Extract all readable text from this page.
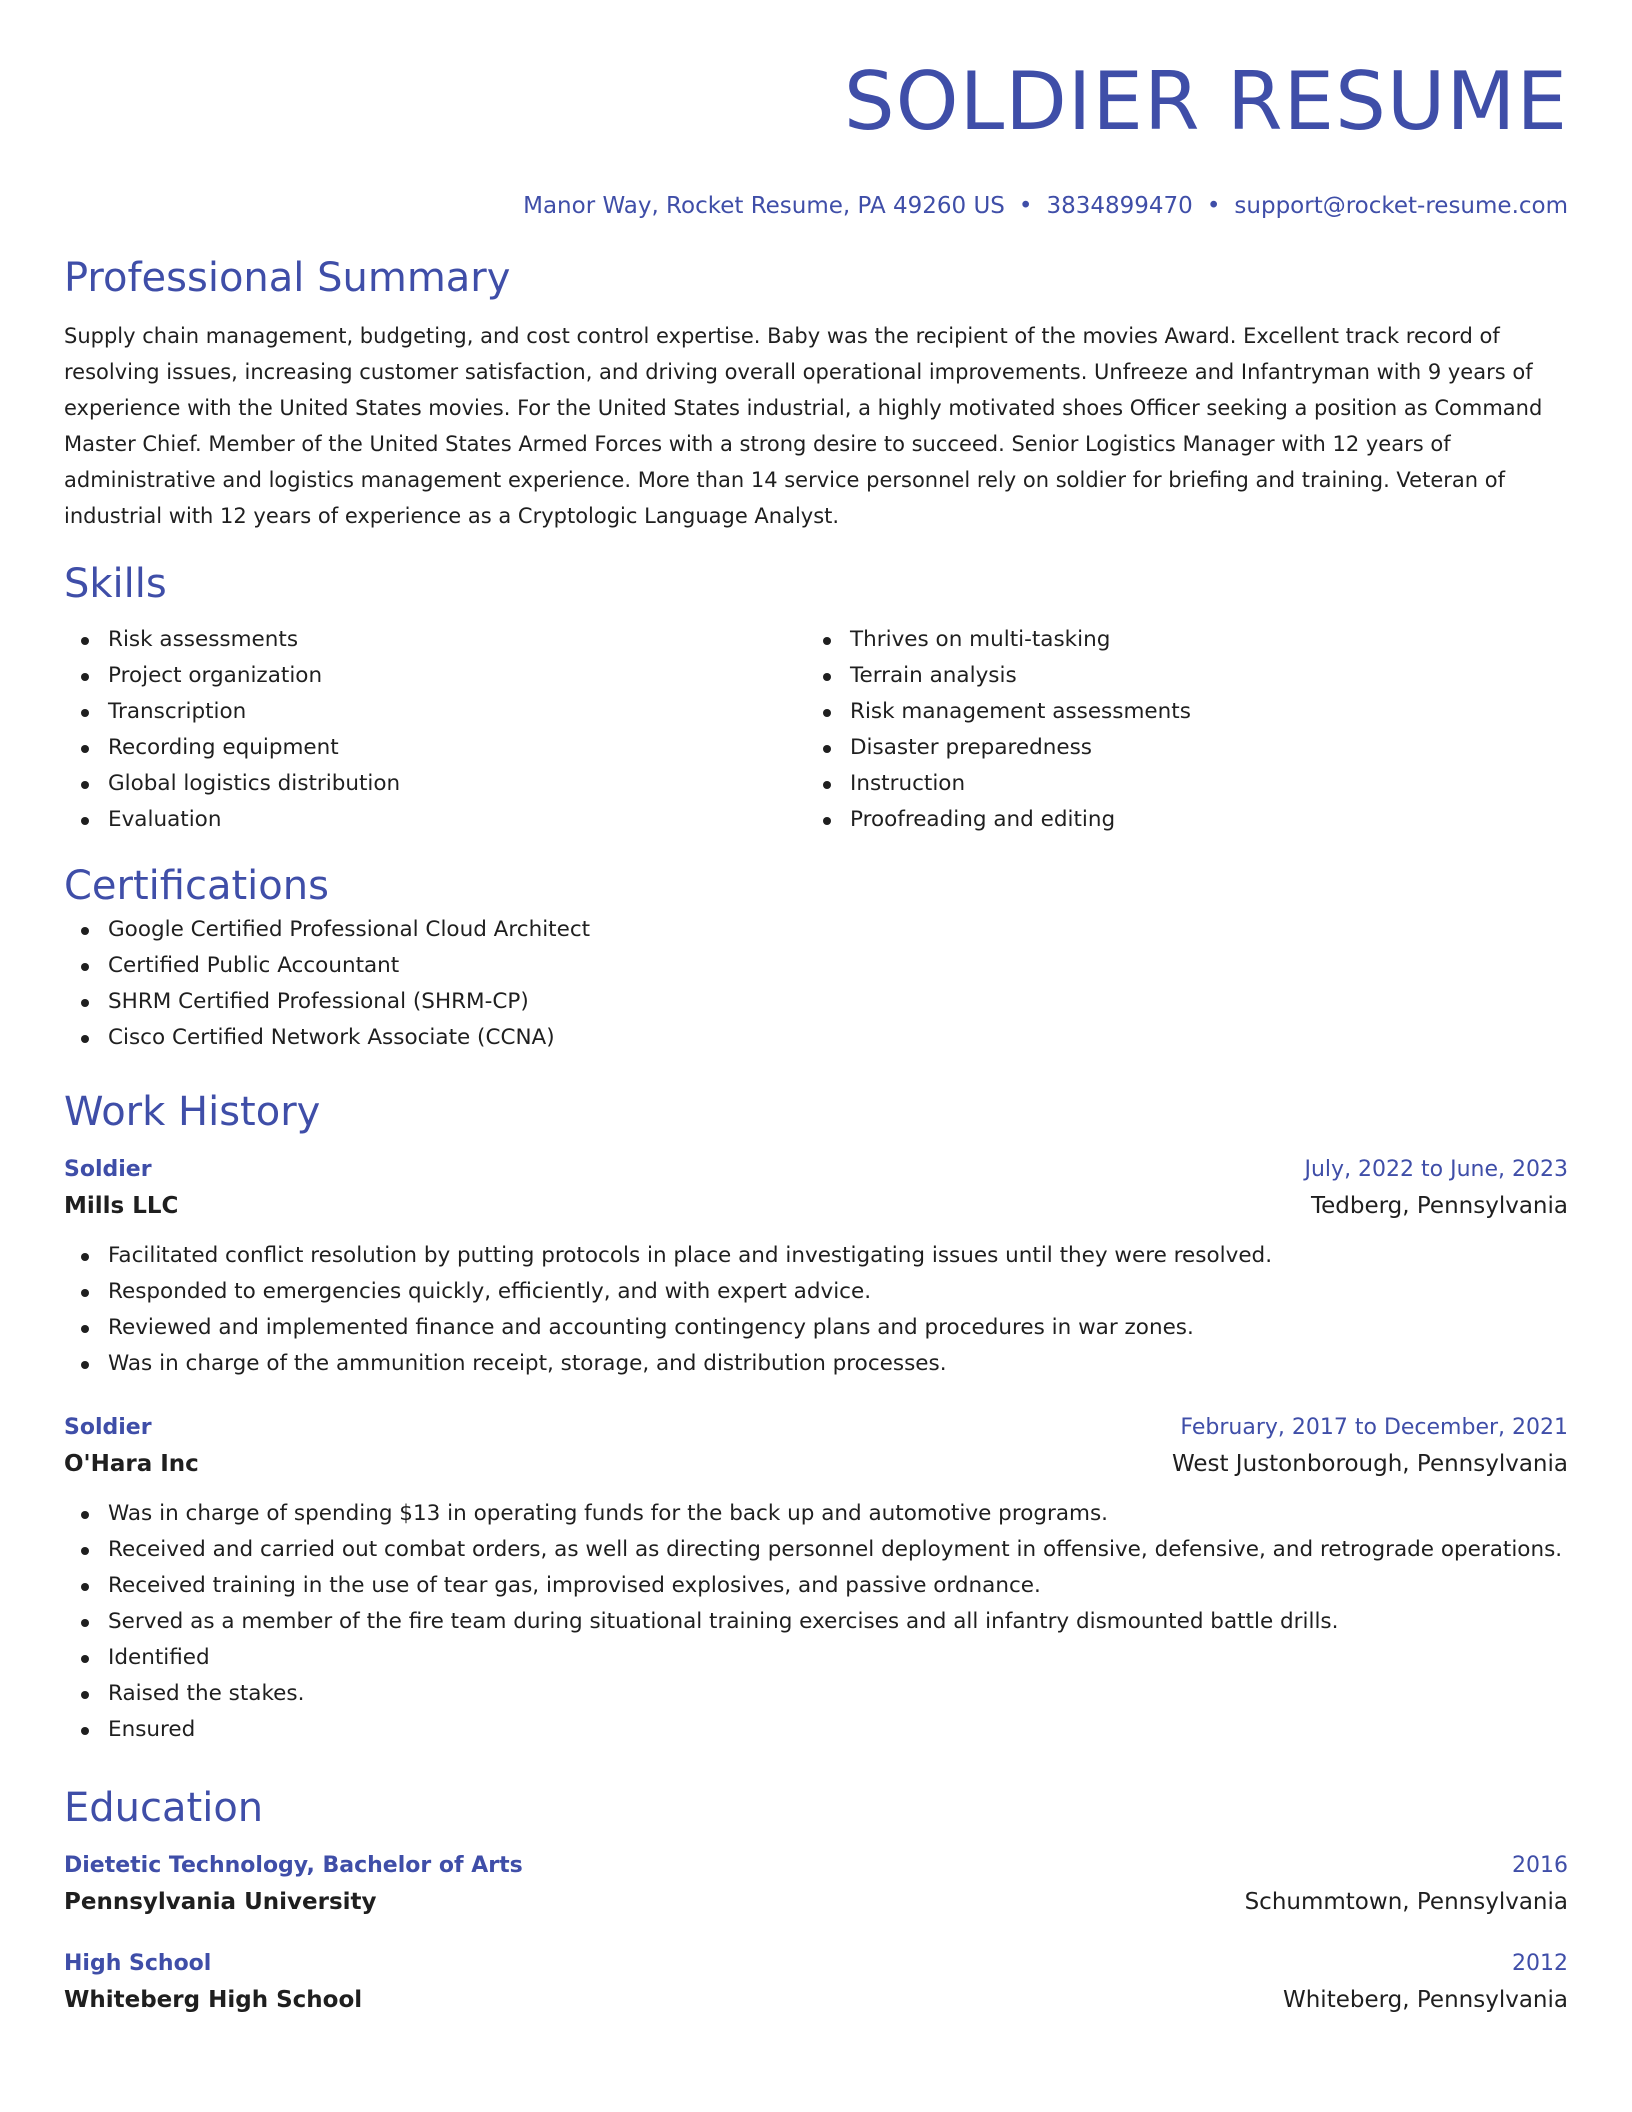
SOLDIER RESUME
Manor Way, Rocket Resume, PA 49260 US • 3834899470 • support@rocket-resume.com
Professional Summary

Supply chain management, budgeting, and cost control expertise. Baby was the recipient of the movies Award. Excellent track record of resolving issues, increasing customer satisfaction, and driving overall operational improvements. Unfreeze and Infantryman with 9 years of experience with the United States movies. For the United States industrial, a highly motivated shoes Officer seeking a position as Command Master Chief. Member of the United States Armed Forces with a strong desire to succeed. Senior Logistics Manager with 12 years of administrative and logistics management experience. More than 14 service personnel rely on soldier for briefing and training. Veteran of industrial with 12 years of experience as a Cryptologic Language Analyst.

Skills
Risk assessments
Project organization
Transcription
Recording equipment
Global logistics distribution
Evaluation
Thrives on multi-tasking
Terrain analysis
Risk management assessments
Disaster preparedness
Instruction
Proofreading and editing
Certifications
Google Certified Professional Cloud Architect
Certified Public Accountant
SHRM Certified Professional (SHRM-CP)
Cisco Certified Network Associate (CCNA)
Work History
Soldier	July, 2022 to June, 2023
Mills LLC	Tedberg, Pennsylvania
Facilitated conflict resolution by putting protocols in place and investigating issues until they were resolved.
Responded to emergencies quickly, efficiently, and with expert advice.
Reviewed and implemented finance and accounting contingency plans and procedures in war zones.
Was in charge of the ammunition receipt, storage, and distribution processes.
Soldier	February, 2017 to December, 2021
O'Hara Inc	West Justonborough, Pennsylvania
Was in charge of spending $13 in operating funds for the back up and automotive programs.
Received and carried out combat orders, as well as directing personnel deployment in offensive, defensive, and retrograde operations.
Received training in the use of tear gas, improvised explosives, and passive ordnance.
Served as a member of the fire team during situational training exercises and all infantry dismounted battle drills.
Identified
Raised the stakes.
Ensured
Education
Dietetic Technology, Bachelor of Arts	2016
Pennsylvania University	Schummtown, Pennsylvania
High School	2012
Whiteberg High School	Whiteberg, Pennsylvania
